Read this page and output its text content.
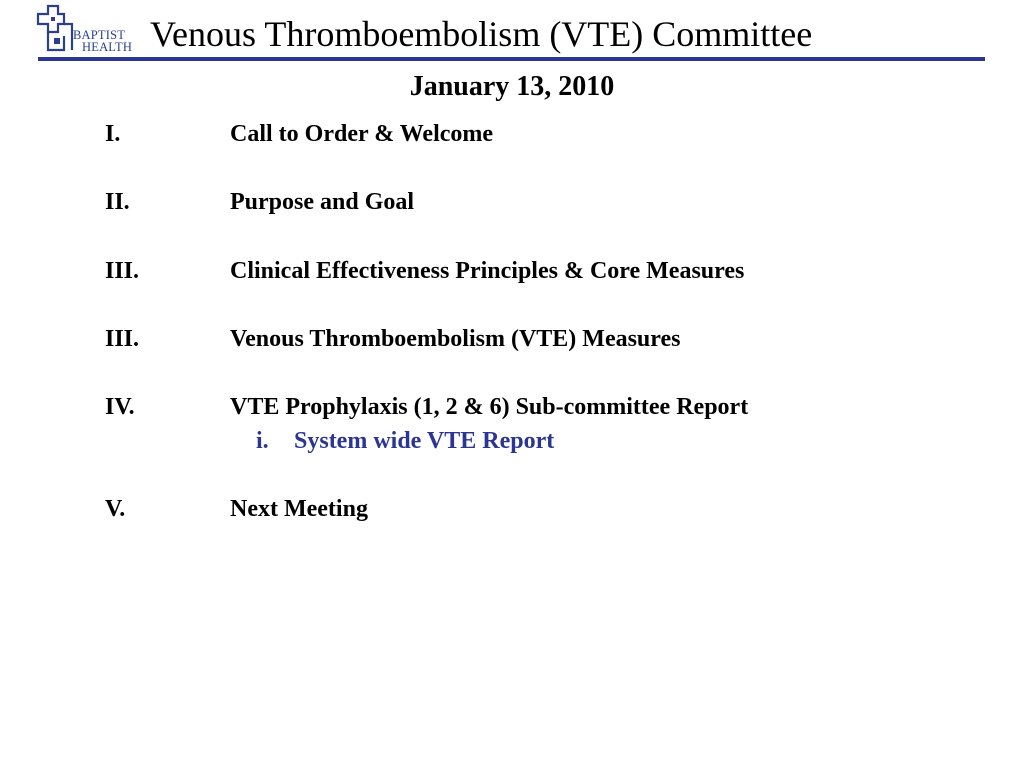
BAPTIST
HEALTH Venous Thromboembolism (VTE) Committee
January 13, 2010
I.	Call to Order & Welcome
II.	Purpose and Goal
III.	Clinical Effectiveness Principles & Core Measures
III.	Venous Thromboembolism (VTE) Measures
IV.	VTE Prophylaxis (1, 2 & 6) Sub-committee Report
i. System wide VTE Report
V.	Next Meeting
